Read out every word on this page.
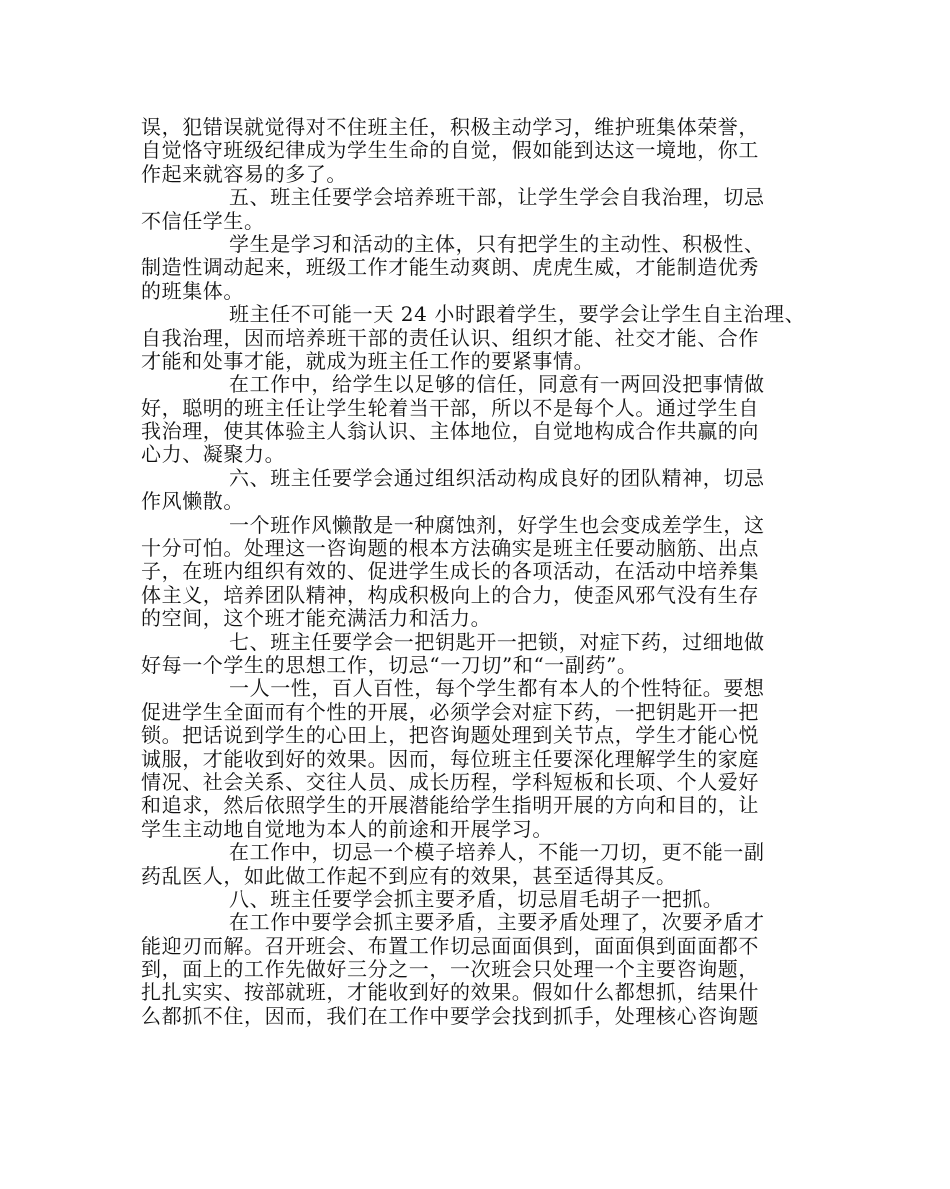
误，犯错误就觉得对不住班主任，积极主动学习，维护班集体荣誉，
自觉恪守班级纪律成为学生生命的自觉，假如能到达这一境地，你工
作起来就容易的多了。
五、班主任要学会培养班干部，让学生学会自我治理，切忌
不信任学生。
学生是学习和活动的主体，只有把学生的主动性、积极性、
制造性调动起来，班级工作才能生动爽朗、虎虎生威，才能制造优秀
的班集体。
班主任不可能一天 24 小时跟着学生，要学会让学生自主治理、
自我治理，因而培养班干部的责任认识、组织才能、社交才能、合作
才能和处事才能，就成为班主任工作的要紧事情。
在工作中，给学生以足够的信任，同意有一两回没把事情做
好，聪明的班主任让学生轮着当干部，所以不是每个人。通过学生自
我治理，使其体验主人翁认识、主体地位，自觉地构成合作共赢的向
心力、凝聚力。
六、班主任要学会通过组织活动构成良好的团队精神，切忌
作风懒散。
一个班作风懒散是一种腐蚀剂，好学生也会变成差学生，这
十分可怕。处理这一咨询题的根本方法确实是班主任要动脑筋、出点
子，在班内组织有效的、促进学生成长的各项活动，在活动中培养集
体主义，培养团队精神，构成积极向上的合力，使歪风邪气没有生存
的空间，这个班才能充满活力和活力。
七、班主任要学会一把钥匙开一把锁，对症下药，过细地做
好每一个学生的思想工作，切忌“一刀切”和“一副药”。
一人一性，百人百性，每个学生都有本人的个性特征。要想
促进学生全面而有个性的开展，必须学会对症下药，一把钥匙开一把
锁。把话说到学生的心田上，把咨询题处理到关节点，学生才能心悦
诚服，才能收到好的效果。因而，每位班主任要深化理解学生的家庭
情况、社会关系、交往人员、成长历程，学科短板和长项、个人爱好
和追求，然后依照学生的开展潜能给学生指明开展的方向和目的，让
学生主动地自觉地为本人的前途和开展学习。
在工作中，切忌一个模子培养人，不能一刀切，更不能一副
药乱医人，如此做工作起不到应有的效果，甚至适得其反。
八、班主任要学会抓主要矛盾，切忌眉毛胡子一把抓。
在工作中要学会抓主要矛盾，主要矛盾处理了，次要矛盾才
能迎刃而解。召开班会、布置工作切忌面面俱到，面面俱到面面都不
到，面上的工作先做好三分之一，一次班会只处理一个主要咨询题，
扎扎实实、按部就班，才能收到好的效果。假如什么都想抓，结果什
么都抓不住，因而，我们在工作中要学会找到抓手，处理核心咨询题
